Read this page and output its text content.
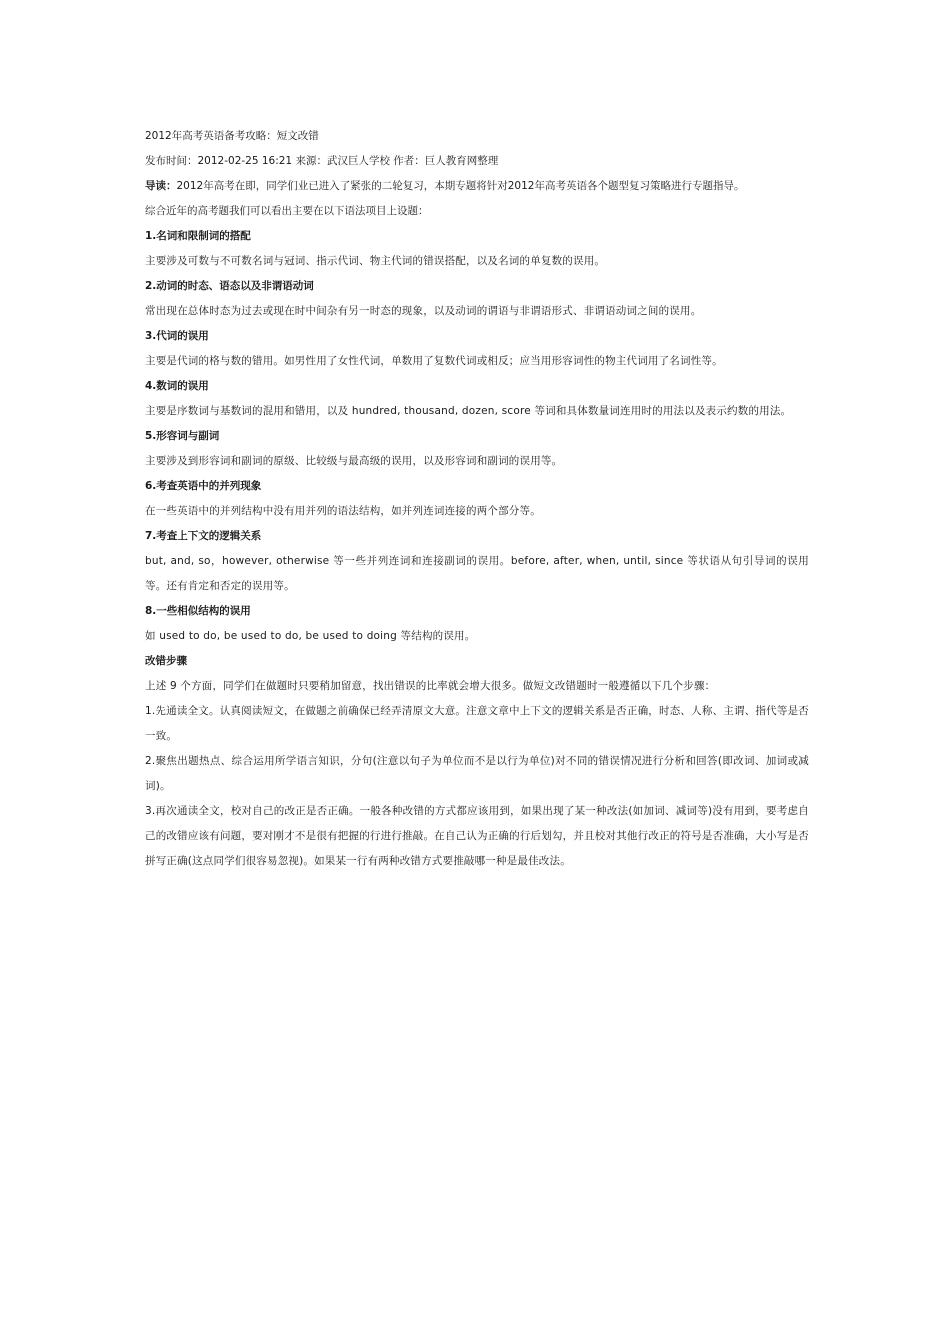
2012年高考英语备考攻略：短文改错

发布时间：2012-02-25 16:21 来源：武汉巨人学校 作者：巨人教育网整理

导读：2012年高考在即，同学们业已进入了紧张的二轮复习，本期专题将针对2012年高考英语各个题型复习策略进行专题指导。

综合近年的高考题我们可以看出主要在以下语法项目上设题：

1.名词和限制词的搭配

主要涉及可数与不可数名词与冠词、指示代词、物主代词的错误搭配，以及名词的单复数的误用。

2.动词的时态、语态以及非谓语动词

常出现在总体时态为过去或现在时中间杂有另一时态的现象，以及动词的谓语与非谓语形式、非谓语动词之间的误用。

3.代词的误用

主要是代词的格与数的错用。如男性用了女性代词，单数用了复数代词或相反；应当用形容词性的物主代词用了名词性等。

4.数词的误用

主要是序数词与基数词的混用和错用，以及 hundred, thousand, dozen, score 等词和具体数量词连用时的用法以及表示约数的用法。

5.形容词与副词

主要涉及到形容词和副词的原级、比较级与最高级的误用，以及形容词和副词的误用等。

6.考查英语中的并列现象

在一些英语中的并列结构中没有用并列的语法结构，如并列连词连接的两个部分等。

7.考查上下文的逻辑关系

but, and, so，however, otherwise 等一些并列连词和连接副词的误用。before, after, when, until, since 等状语从句引导词的误用等。还有肯定和否定的误用等。

8.一些相似结构的误用

如 used to do, be used to do, be used to doing 等结构的误用。

改错步骤

上述 9 个方面，同学们在做题时只要稍加留意，找出错误的比率就会增大很多。做短文改错题时一般遵循以下几个步骤：

1.先通读全文。认真阅读短文，在做题之前确保已经弄清原文大意。注意文章中上下文的逻辑关系是否正确，时态、人称、主谓、指代等是否一致。

2.聚焦出题热点、综合运用所学语言知识，分句(注意以句子为单位而不是以行为单位)对不同的错误情况进行分析和回答(即改词、加词或减词)。

3.再次通读全文，校对自己的改正是否正确。一般各种改错的方式都应该用到，如果出现了某一种改法(如加词、减词等)没有用到，要考虑自己的改错应该有问题，要对刚才不是很有把握的行进行推敲。在自己认为正确的行后划勾，并且校对其他行改正的符号是否准确，大小写是否拼写正确(这点同学们很容易忽视)。如果某一行有两种改错方式要推敲哪一种是最佳改法。
